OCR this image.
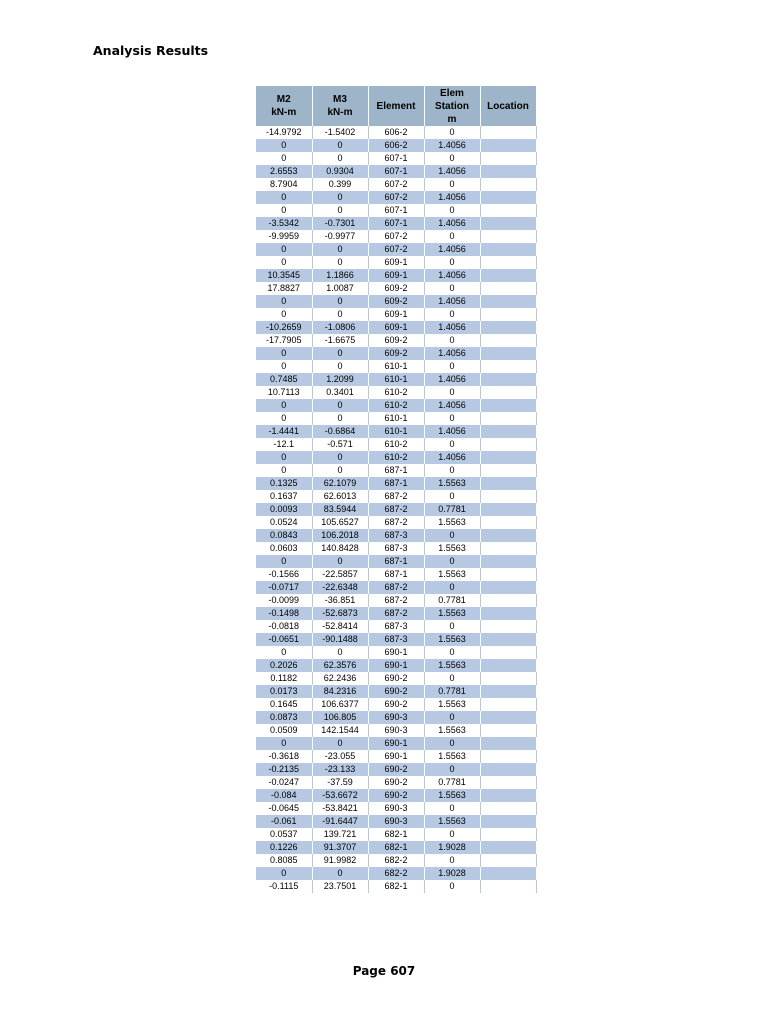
Analysis Results
M2
kN-m	M3
kN-m	Element	Elem
Station
m	Location
-14.9792	-1.5402	606-2	0	
0	0	606-2	1.4056	
0	0	607-1	0	
2.6553	0.9304	607-1	1.4056	
8.7904	0.399	607-2	0	
0	0	607-2	1.4056	
0	0	607-1	0	
-3.5342	-0.7301	607-1	1.4056	
-9.9959	-0.9977	607-2	0	
0	0	607-2	1.4056	
0	0	609-1	0	
10.3545	1.1866	609-1	1.4056	
17.8827	1.0087	609-2	0	
0	0	609-2	1.4056	
0	0	609-1	0	
-10.2659	-1.0806	609-1	1.4056	
-17.7905	-1.6675	609-2	0	
0	0	609-2	1.4056	
0	0	610-1	0	
0.7485	1.2099	610-1	1.4056	
10.7113	0.3401	610-2	0	
0	0	610-2	1.4056	
0	0	610-1	0	
-1.4441	-0.6864	610-1	1.4056	
-12.1	-0.571	610-2	0	
0	0	610-2	1.4056	
0	0	687-1	0	
0.1325	62.1079	687-1	1.5563	
0.1637	62.6013	687-2	0	
0.0093	83.5944	687-2	0.7781	
0.0524	105.6527	687-2	1.5563	
0.0843	106.2018	687-3	0	
0.0603	140.8428	687-3	1.5563	
0	0	687-1	0	
-0.1566	-22.5857	687-1	1.5563	
-0.0717	-22.6348	687-2	0	
-0.0099	-36.851	687-2	0.7781	
-0.1498	-52.6873	687-2	1.5563	
-0.0818	-52.8414	687-3	0	
-0.0651	-90.1488	687-3	1.5563	
0	0	690-1	0	
0.2026	62.3576	690-1	1.5563	
0.1182	62.2436	690-2	0	
0.0173	84.2316	690-2	0.7781	
0.1645	106.6377	690-2	1.5563	
0.0873	106.805	690-3	0	
0.0509	142.1544	690-3	1.5563	
0	0	690-1	0	
-0.3618	-23.055	690-1	1.5563	
-0.2135	-23.133	690-2	0	
-0.0247	-37.59	690-2	0.7781	
-0.084	-53.6672	690-2	1.5563	
-0.0645	-53.8421	690-3	0	
-0.061	-91.6447	690-3	1.5563	
0.0537	139.721	682-1	0	
0.1226	91.3707	682-1	1.9028	
0.8085	91.9982	682-2	0	
0	0	682-2	1.9028	
-0.1115	23.7501	682-1	0	
Page 607
